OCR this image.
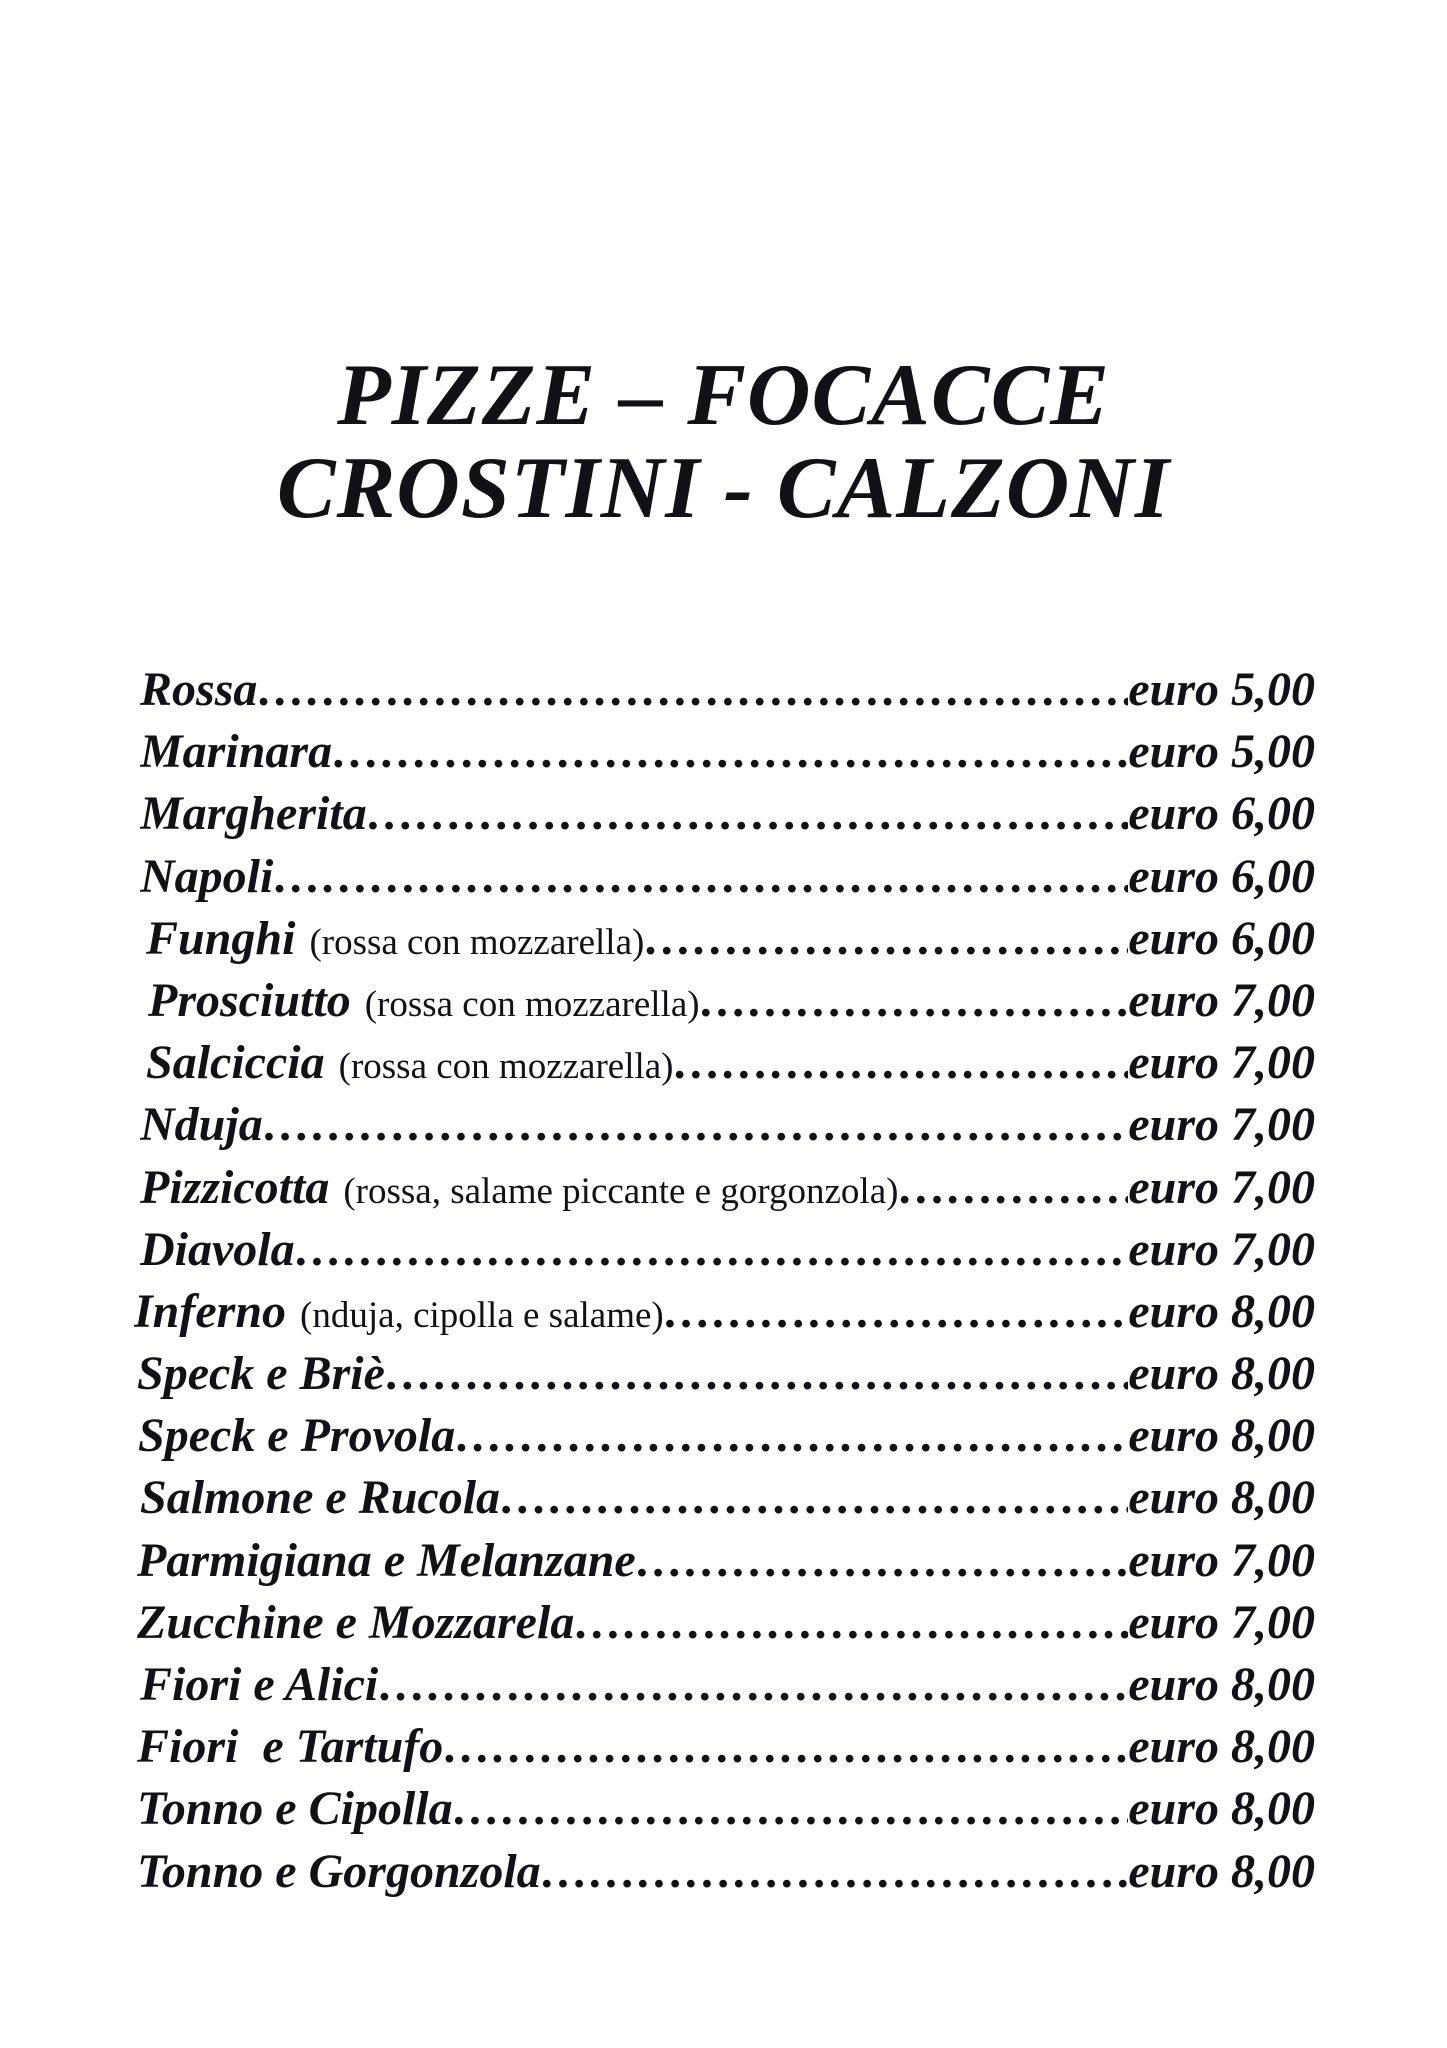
PIZZE – FOCACCE
CROSTINI - CALZONI
Rossa ……………………………………………………………………………………………………………………………………	euro 5,00
Marinara ……………………………………………………………………………………………………………………………………	euro 5,00
Margherita ……………………………………………………………………………………………………………………………………	euro 6,00
Napoli ……………………………………………………………………………………………………………………………………	euro 6,00
Funghi (rossa con mozzarella) ……………………………………………………………………………………………………………………………………	euro 6,00
Prosciutto (rossa con mozzarella) ……………………………………………………………………………………………………………………………………	euro 7,00
Salciccia (rossa con mozzarella) ……………………………………………………………………………………………………………………………………	euro 7,00
Nduja ……………………………………………………………………………………………………………………………………	euro 7,00
Pizzicotta (rossa, salame piccante e gorgonzola) ……………………………………………………………………………………………………………………………………	euro 7,00
Diavola ……………………………………………………………………………………………………………………………………	euro 7,00
Inferno (nduja, cipolla e salame) ……………………………………………………………………………………………………………………………………	euro 8,00
Speck e Briè ……………………………………………………………………………………………………………………………………	euro 8,00
Speck e Provola ……………………………………………………………………………………………………………………………………	euro 8,00
Salmone e Rucola ……………………………………………………………………………………………………………………………………	euro 8,00
Parmigiana e Melanzane ……………………………………………………………………………………………………………………………………	euro 7,00
Zucchine e Mozzarela ……………………………………………………………………………………………………………………………………	euro 7,00
Fiori e Alici ……………………………………………………………………………………………………………………………………	euro 8,00
Fiori  e Tartufo ……………………………………………………………………………………………………………………………………	euro 8,00
Tonno e Cipolla ……………………………………………………………………………………………………………………………………	euro 8,00
Tonno e Gorgonzola ……………………………………………………………………………………………………………………………………	euro 8,00
